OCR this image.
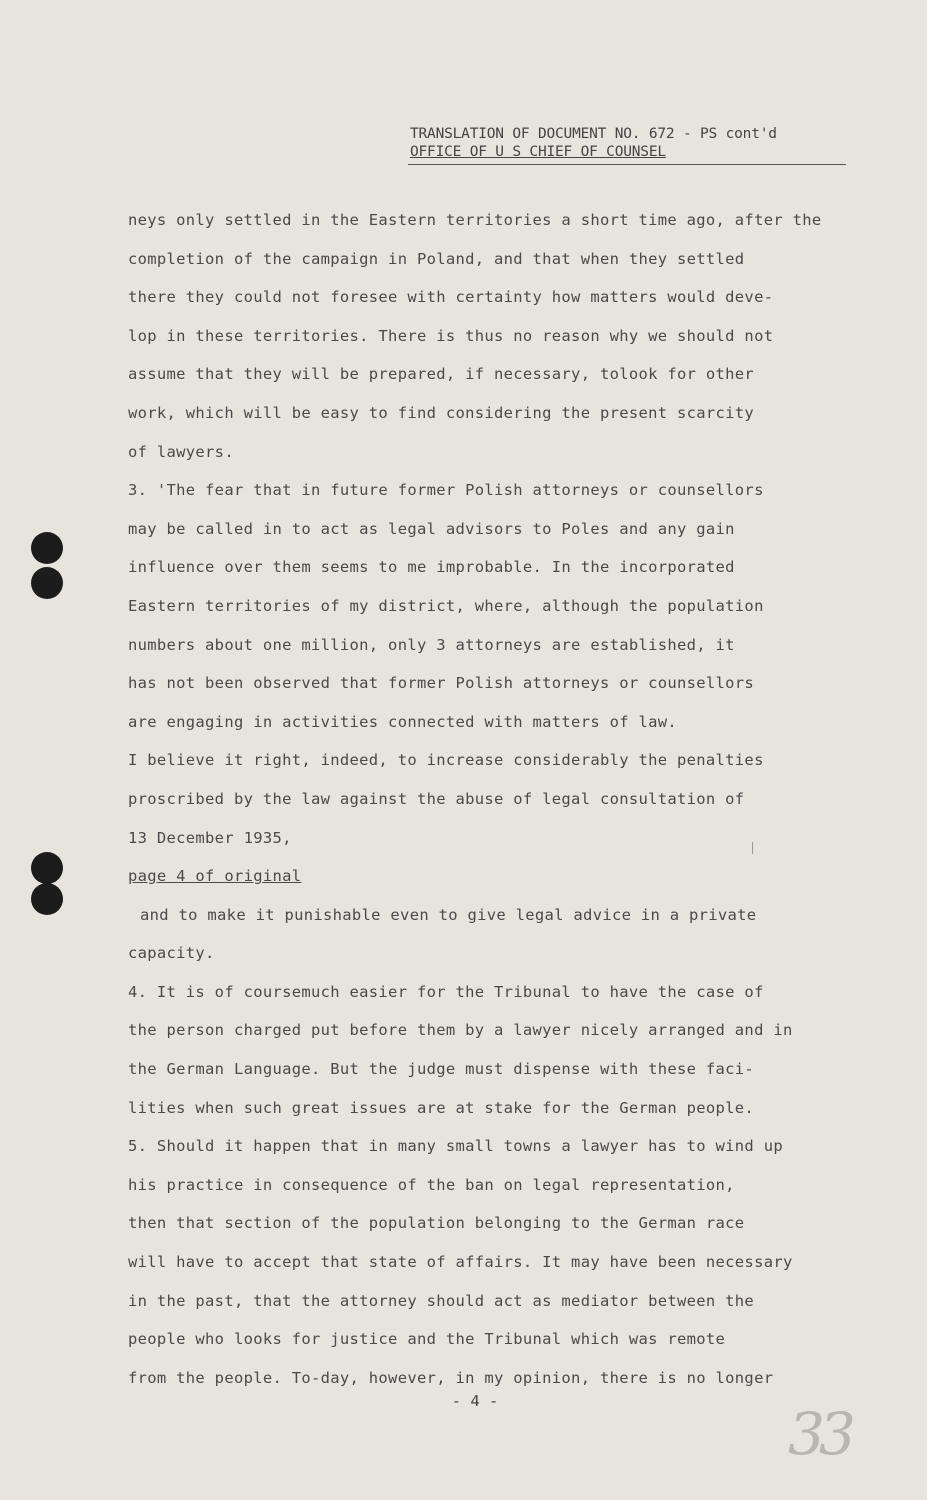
TRANSLATION OF DOCUMENT NO. 672 - PS cont'd
OFFICE OF U S CHIEF OF COUNSEL
neys only settled in the Eastern territories a short time ago, after the
completion of the campaign in Poland, and that when they settled
there they could not foresee with certainty how matters would deve-
lop in these territories. There is thus no reason why we should not
assume that they will be prepared, if necessary, tolook for other
work, which will be easy to find considering the present scarcity
of lawyers.
3. 'The fear that in future former Polish attorneys or counsellors
may be called in to act as legal advisors to Poles and any gain
influence over them seems to me improbable. In the incorporated
Eastern territories of my district, where, although the population
numbers about one million, only 3 attorneys are established, it
has not been observed that former Polish attorneys or counsellors
are engaging in activities connected with matters of law.
I believe it right, indeed, to increase considerably the penalties
proscribed by the law against the abuse of legal consultation of
13 December 1935,
page 4 of original
and to make it punishable even to give legal advice in a private
capacity.
4. It is of coursemuch easier for the Tribunal to have the case of
the person charged put before them by a lawyer nicely arranged and in
the German Language. But the judge must dispense with these faci-
lities when such great issues are at stake for the German people.
5. Should it happen that in many small towns a lawyer has to wind up
his practice in consequence of the ban on legal representation,
then that section of the population belonging to the German race
will have to accept that state of affairs. It may have been necessary
in the past, that the attorney should act as mediator between the
people who looks for justice and the Tribunal which was remote
from the people. To-day, however, in my opinion, there is no longer
- 4 -	33
